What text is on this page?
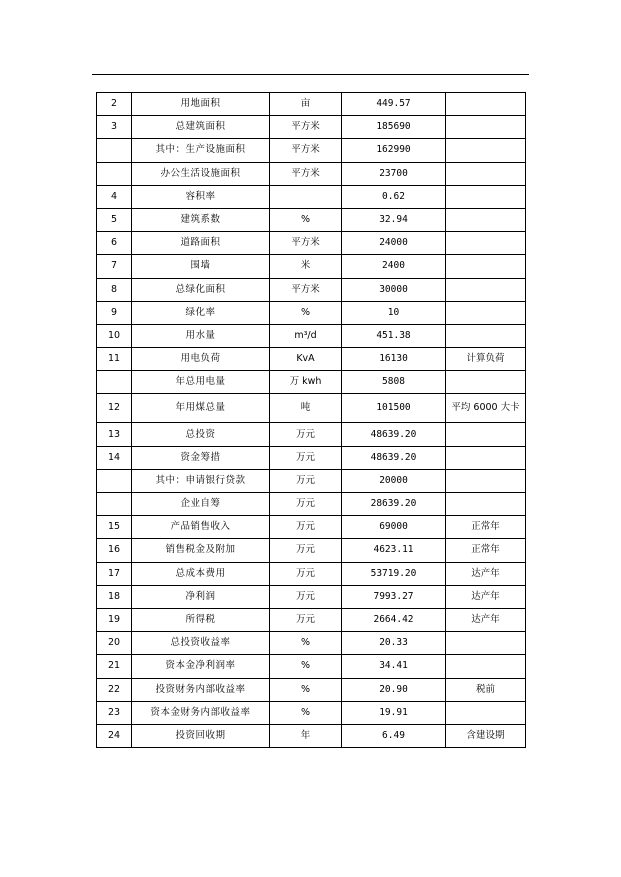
2	用地面积	亩	449.57	
3	总建筑面积	平方米	185690	
	其中：生产设施面积	平方米	162990	
	办公生活设施面积	平方米	23700	
4	容积率		0.62	
5	建筑系数	%	32.94	
6	道路面积	平方米	24000	
7	围墙	米	2400	
8	总绿化面积	平方米	30000	
9	绿化率	%	10	
10	用水量	m³/d	451.38	
11	用电负荷	KvA	16130	计算负荷
	年总用电量	万 kwh	5808	
12	年用煤总量	吨	101500	平均 6000 大卡
13	总投资	万元	48639.20	
14	资金筹措	万元	48639.20	
	其中：申请银行贷款	万元	20000	
	企业自筹	万元	28639.20	
15	产品销售收入	万元	69000	正常年
16	销售税金及附加	万元	4623.11	正常年
17	总成本费用	万元	53719.20	达产年
18	净利润	万元	7993.27	达产年
19	所得税	万元	2664.42	达产年
20	总投资收益率	%	20.33	
21	资本金净利润率	%	34.41	
22	投资财务内部收益率	%	20.90	税前
23	资本金财务内部收益率	%	19.91	
24	投资回收期	年	6.49	含建设期
